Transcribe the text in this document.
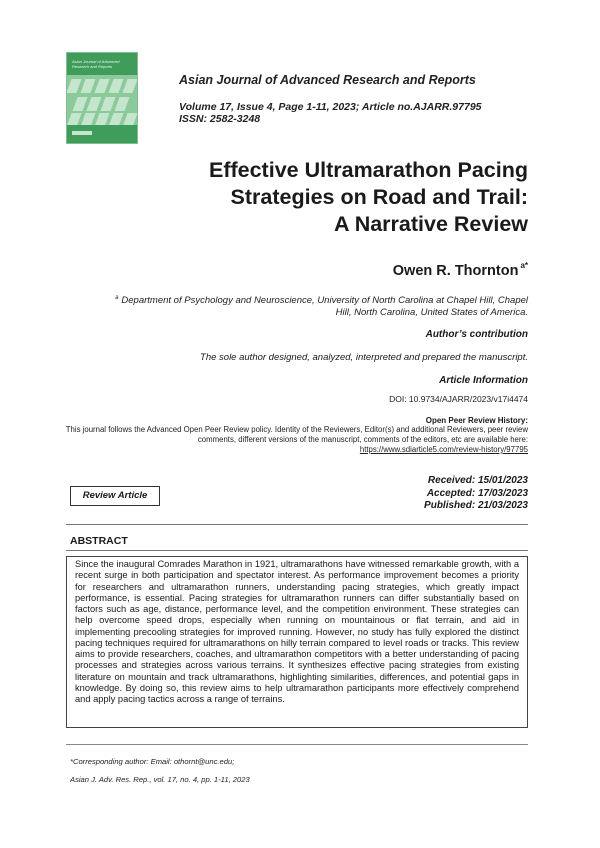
Asian Journal of Advanced Research and Reports
Asian Journal of Advanced Research and Reports
Volume 17, Issue 4, Page 1-11, 2023; Article no.AJARR.97795
ISSN: 2582-3248
Effective Ultramarathon Pacing
Strategies on Road and Trail:
A Narrative Review
Owen R. Thornton $^{a*}$
$^a$ Department of Psychology and Neuroscience, University of North Carolina at Chapel Hill, Chapel Hill, North Carolina, United States of America.
Author’s contribution
The sole author designed, analyzed, interpreted and prepared the manuscript.
Article Information
DOI: 10.9734/AJARR/2023/v17i4474
Open Peer Review History:
This journal follows the Advanced Open Peer Review policy. Identity of the Reviewers, Editor(s) and additional Reviewers, peer review comments, different versions of the manuscript, comments of the editors, etc are available here:
https://www.sdiarticle5.com/review-history/97795
Review Article
Received: 15/01/2023
Accepted: 17/03/2023
Published: 21/03/2023
ABSTRACT

Since the inaugural Comrades Marathon in 1921, ultramarathons have witnessed remarkable growth, with a recent surge in both participation and spectator interest. As performance improvement becomes a priority for researchers and ultramarathon runners, understanding pacing strategies, which greatly impact performance, is essential. Pacing strategies for ultramarathon runners can differ substantially based on factors such as age, distance, performance level, and the competition environment. These strategies can help overcome speed drops, especially when running on mountainous or flat terrain, and aid in implementing precooling strategies for improved running. However, no study has fully explored the distinct pacing techniques required for ultramarathons on hilly terrain compared to level roads or tracks. This review aims to provide researchers, coaches, and ultramarathon competitors with a better understanding of pacing processes and strategies across various terrains. It synthesizes effective pacing strategies from existing literature on mountain and track ultramarathons, highlighting similarities, differences, and potential gaps in knowledge. By doing so, this review aims to help ultramarathon participants more effectively comprehend and apply pacing tactics across a range of terrains.

*Corresponding author: Email: othornt@unc.edu;
Asian J. Adv. Res. Rep., vol. 17, no. 4, pp. 1-11, 2023
